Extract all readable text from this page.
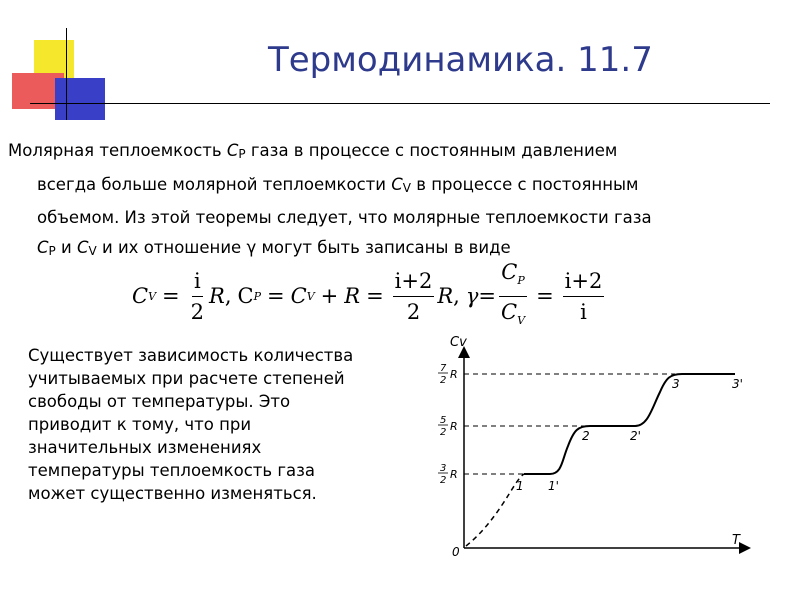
Термодинамика. 11.7
Молярная теплоемкость CP газа в процессе с постоянным давлением
всегда больше молярной теплоемкости CV в процессе с постоянным
объемом. Из этой теоремы следует, что молярные теплоемкости газа
CP и CV и их отношение γ могут быть записаны в виде
C $V = \frac{i}{2}$ R , C P = C $V + R = \frac{i+2}{2}$ R , $\gamma = \frac{C_P}{C_V} = \frac{i+2}{i}$
Существует зависимость количества
учитываемых при расчете степеней
свободы от температуры. Это
приводит к тому, что при
значительных изменениях
температуры теплоемкость газа
может существенно изменяться.
Cv
T
0
3
2 R
5
2 R
7
2 R
1 1'
2	2'
3	3'
